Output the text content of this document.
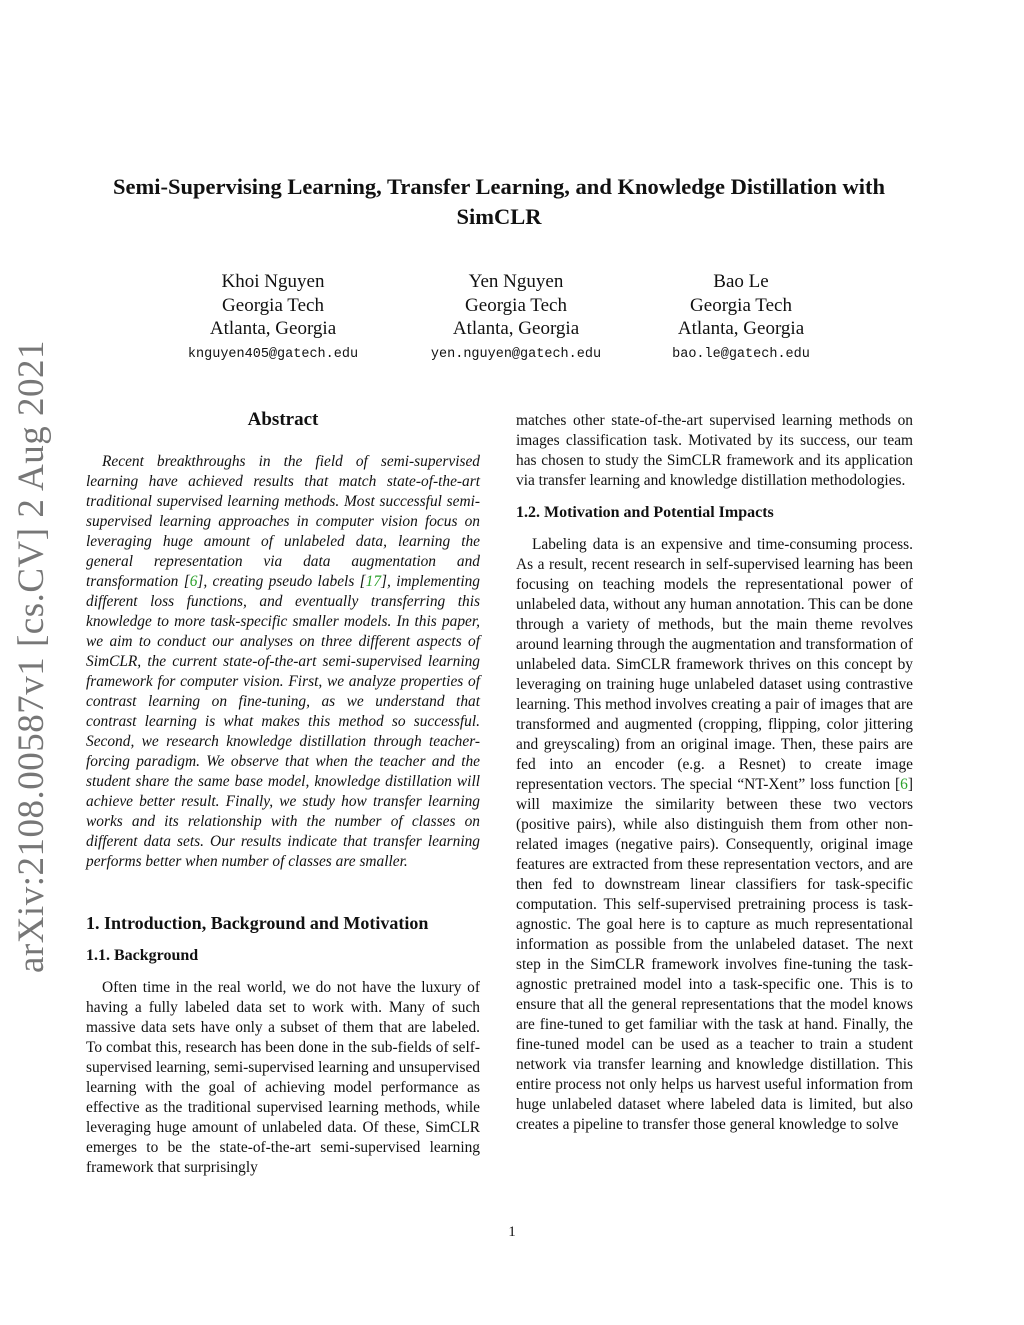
arXiv:2108.00587v1 [cs.CV] 2 Aug 2021
Semi-Supervising Learning, Transfer Learning, and Knowledge Distillation with
SimCLR
Khoi Nguyen
Georgia Tech
Atlanta, Georgia
knguyen405@gatech.edu
Yen Nguyen
Georgia Tech
Atlanta, Georgia
yen.nguyen@gatech.edu
Bao Le
Georgia Tech
Atlanta, Georgia
bao.le@gatech.edu
Abstract

Recent breakthroughs in the field of semi-supervised learning have achieved results that match state-of-the-art traditional supervised learning methods. Most successful semi-supervised learning approaches in computer vision focus on leveraging huge amount of unlabeled data, learning the general representation via data augmentation and transformation [6], creating pseudo labels [17], implementing different loss functions, and eventually transferring this knowledge to more task-specific smaller models. In this paper, we aim to conduct our analyses on three different aspects of SimCLR, the current state-of-the-art semi-supervised learning framework for computer vision. First, we analyze properties of contrast learning on fine-tuning, as we understand that contrast learning is what makes this method so successful. Second, we research knowledge distillation through teacher-forcing paradigm. We observe that when the teacher and the student share the same base model, knowledge distillation will achieve better result. Finally, we study how transfer learning works and its relationship with the number of classes on different data sets. Our results indicate that transfer learning performs better when number of classes are smaller.

1. Introduction, Background and Motivation
1.1. Background

Often time in the real world, we do not have the luxury of having a fully labeled data set to work with. Many of such massive data sets have only a subset of them that are labeled. To combat this, research has been done in the sub-fields of self-supervised learning, semi-supervised learning and unsupervised learning with the goal of achieving model performance as effective as the traditional supervised learning methods, while leveraging huge amount of unlabeled data. Of these, SimCLR emerges to be the state-of-the-art semi-supervised learning framework that surprisingly

matches other state-of-the-art supervised learning methods on images classification task. Motivated by its success, our team has chosen to study the SimCLR framework and its application via transfer learning and knowledge distillation methodologies.

1.2. Motivation and Potential Impacts

Labeling data is an expensive and time-consuming process. As a result, recent research in self-supervised learning has been focusing on teaching models the representational power of unlabeled data, without any human annotation. This can be done through a variety of methods, but the main theme revolves around learning through the augmentation and transformation of unlabeled data. SimCLR framework thrives on this concept by leveraging on training huge unlabeled dataset using contrastive learning. This method involves creating a pair of images that are transformed and augmented (cropping, flipping, color jittering and greyscaling) from an original image. Then, these pairs are fed into an encoder (e.g. a Resnet) to create image representation vectors. The special “NT-Xent” loss function [6] will maximize the similarity between these two vectors (positive pairs), while also distinguish them from other non-related images (negative pairs). Consequently, original image features are extracted from these representation vectors, and are then fed to downstream linear classifiers for task-specific computation. This self-supervised pretraining process is task-agnostic. The goal here is to capture as much representational information as possible from the unlabeled dataset. The next step in the SimCLR framework involves fine-tuning the task-agnostic pretrained model into a task-specific one. This is to ensure that all the general representations that the model knows are fine-tuned to get familiar with the task at hand. Finally, the fine-tuned model can be used as a teacher to train a student network via transfer learning and knowledge distillation. This entire process not only helps us harvest useful information from huge unlabeled dataset where labeled data is limited, but also creates a pipeline to transfer those general knowledge to solve

1
